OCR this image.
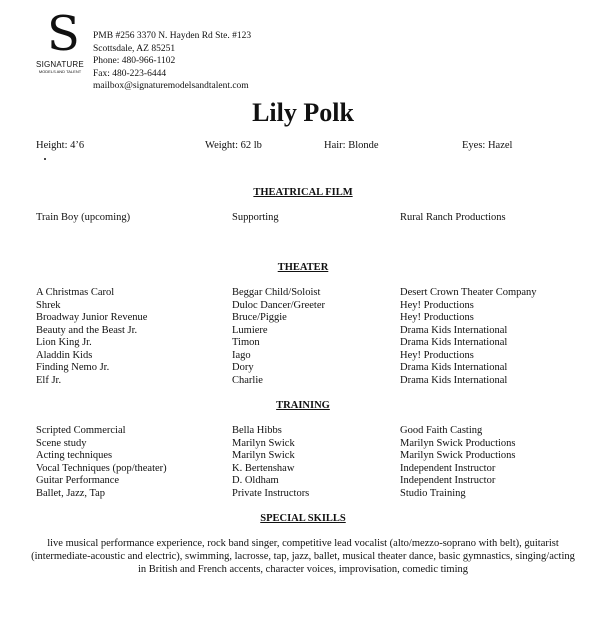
S
SIGNATURE
MODELS AND TALENT
PMB #256 3370 N. Hayden Rd Ste. #123
Scottsdale, AZ 85251
Phone: 480-966-1102
Fax: 480-223-6444
mailbox@signaturemodelsandtalent.com
Lily Polk
Height: 4’6	Weight: 62 lb	Hair: Blonde	Eyes: Hazel
THEATRICAL FILM
Train Boy (upcoming)	Supporting	Rural Ranch Productions
THEATER
A Christmas Carol	Beggar Child/Soloist	Desert Crown Theater Company
Shrek	Duloc Dancer/Greeter	Hey! Productions
Broadway Junior Revenue	Bruce/Piggie	Hey! Productions
Beauty and the Beast Jr.	Lumiere	Drama Kids International
Lion King Jr.	Timon	Drama Kids International
Aladdin Kids	Iago	Hey! Productions
Finding Nemo Jr.	Dory	Drama Kids International
Elf Jr.	Charlie	Drama Kids International
TRAINING
Scripted Commercial	Bella Hibbs	Good Faith Casting
Scene study	Marilyn Swick	Marilyn Swick Productions
Acting techniques	Marilyn Swick	Marilyn Swick Productions
Vocal Techniques (pop/theater)	K. Bertenshaw	Independent Instructor
Guitar Performance	D. Oldham	Independent Instructor
Ballet, Jazz, Tap	Private Instructors	Studio Training
SPECIAL SKILLS
live musical performance experience, rock band singer, competitive lead vocalist (alto/mezzo-soprano with belt), guitarist (intermediate-acoustic and electric), swimming, lacrosse, tap, jazz, ballet, musical theater dance, basic gymnastics, singing/acting in British and French accents, character voices, improvisation, comedic timing
